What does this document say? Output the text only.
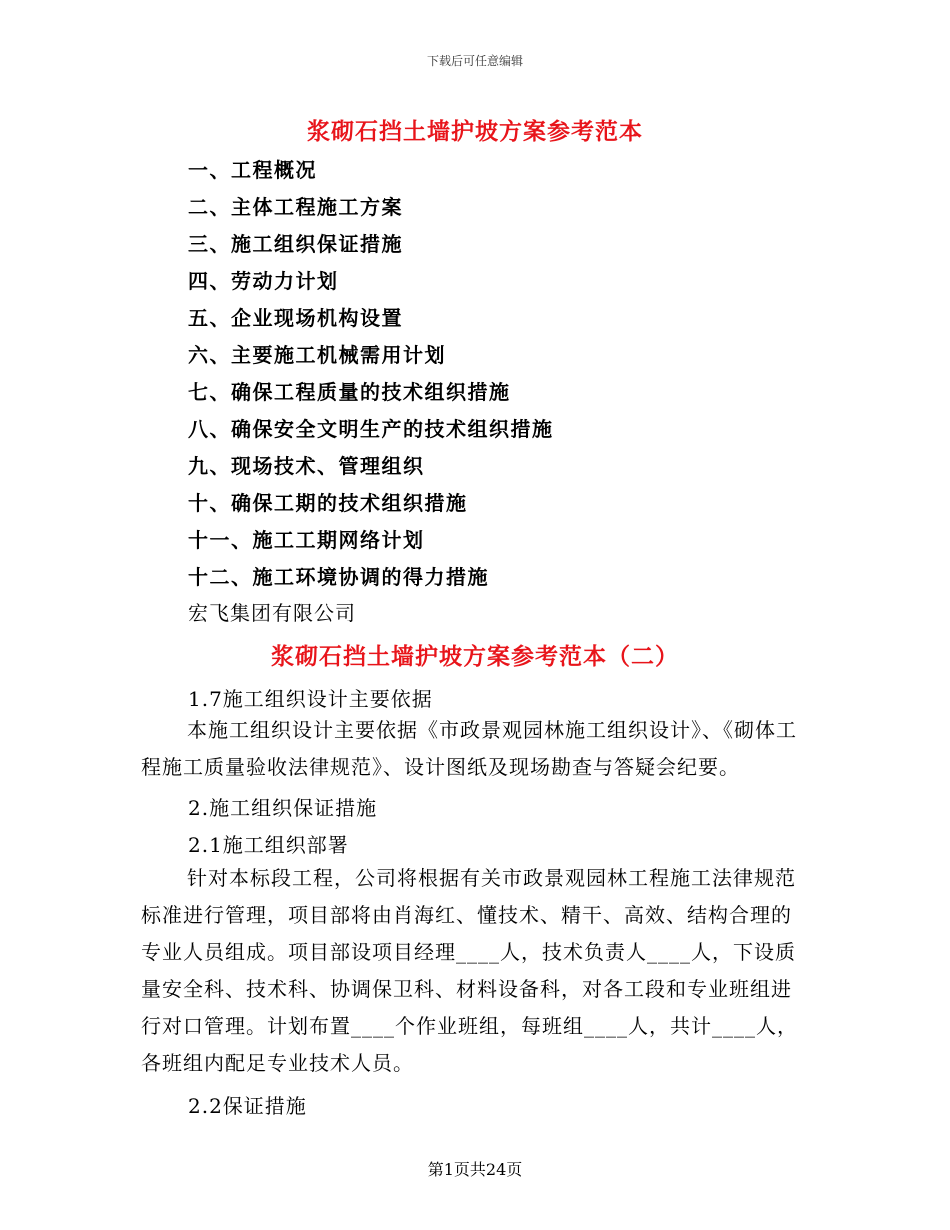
下载后可任意编辑
浆砌石挡土墙护坡方案参考范本
一、工程概况
二、主体工程施工方案
三、施工组织保证措施
四、劳动力计划
五、企业现场机构设置
六、主要施工机械需用计划
七、确保工程质量的技术组织措施
八、确保安全文明生产的技术组织措施
九、现场技术、管理组织
十、确保工期的技术组织措施
十一、施工工期网络计划
十二、施工环境协调的得力措施
宏飞集团有限公司
浆砌石挡土墙护坡方案参考范本（二）
1.7施工组织设计主要依据

本施工组织设计主要依据《市政景观园林施工组织设计》、《砌体工程施工质量验收法律规范》、设计图纸及现场勘查与答疑会纪要。

2.施工组织保证措施
2.1施工组织部署

针对本标段工程，公司将根据有关市政景观园林工程施工法律规范标准进行管理，项目部将由肖海红、懂技术、精干、高效、结构合理的专业人员组成。项目部设项目经理____人，技术负责人____人，下设质量安全科、技术科、协调保卫科、材料设备科，对各工段和专业班组进行对口管理。计划布置____个作业班组，每班组____人，共计____人，各班组内配足专业技术人员。

2.2保证措施
第1页共24页
